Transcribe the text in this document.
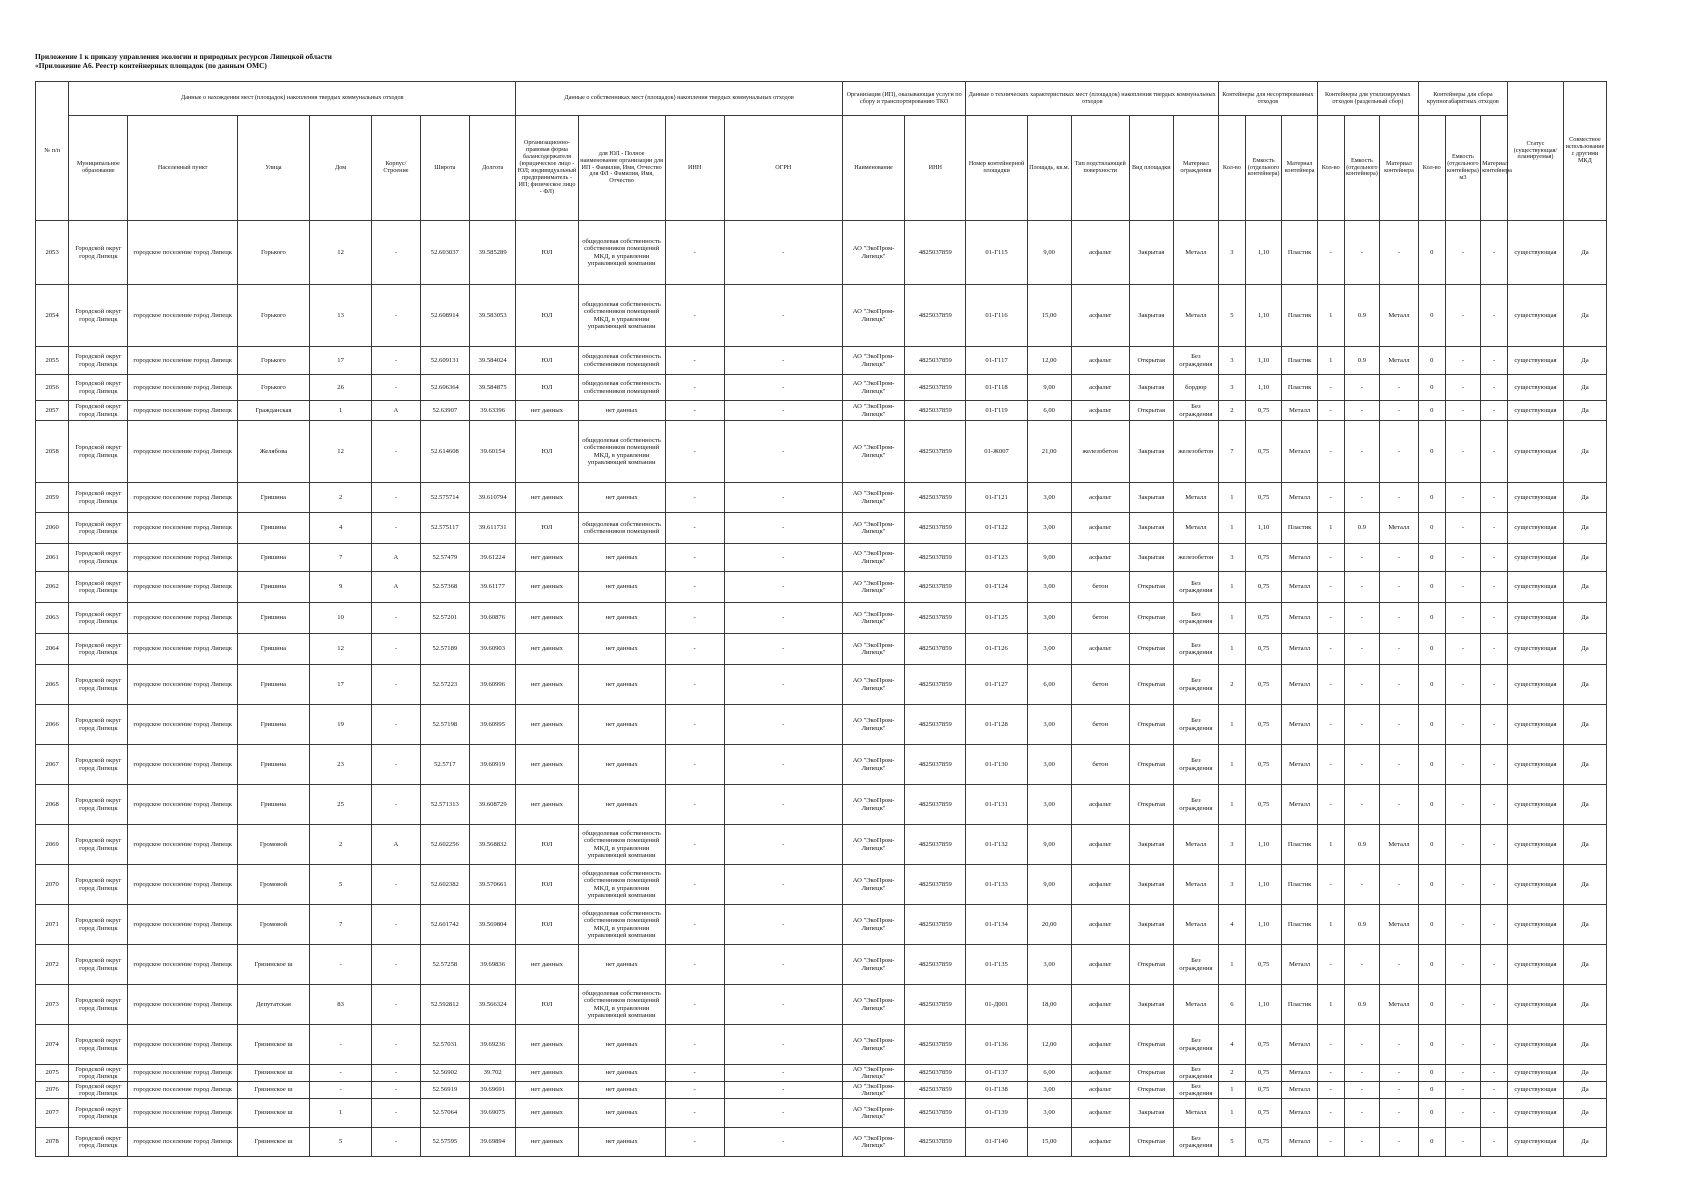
Приложение 1 к приказу управления экологии и природных ресурсов Липецкой области
«Приложение А6. Реестр контейнерных площадок (по данным ОМС)
№ п/п	Данные о нахождении мест (площадок) накопления твердых коммунальных отходов							Данные о собственниках мест (площадок) накопления твердых коммунальных отходов				Организация (ИП), оказывающая услуги по сбору и транспортированию ТКО		Данные о технических характеристиках мест (площадок) накопления твердых коммунальных отходов					Контейнеры для несортированных отходов			Контейнеры для утилизируемых отходов (раздельный сбор)			Контейнеры для сбора крупногабаритных отходов			Статус (существующая/ планируемая)	Совместное использование с другими МКД
	Муниципальное образование	Населенный пункт	Улица	Дом	Корпус/Строение	Широта	Долгота	Организационно-правовая форма балансодержателя (юридическое лицо - ЮЛ; индивидуальный предприниматель - ИП; физическое лицо - ФЛ)	для ЮЛ - Полное наименование организации для ИП - Фамилия, Имя, Отчество для ФЛ - Фамилия, Имя, Отчество	ИНН	ОГРН	Наименование	ИНН	Номер контейнерной площадки	Площадь, кв.м.	Тип подстилающей поверхности	Вид площадки	Материал ограждения	Кол-во	Емкость (отдельного контейнера)	Материал контейнера	Кол-во	Емкость (отдельного контейнера)	Материал контейнера	Кол-во	Емкость (отдельного контейнера) м3	Материал контейнера		

2053	Городской округ город Липецк	городское поселение город Липецк	Горького	12	-	52.603037	39.585289	ЮЛ	общедолевая собственность собственников помещений МКД, в управлении управляющей компании	-	-	АО "ЭкоПром-Липецк"	4825037859	01-Г115	9,00	асфальт	Закрытая	Металл	3	1,10	Пластик	-	-	-	0	-	-	существующая	Да

2054	Городской округ город Липецк	городское поселение город Липецк	Горького	13	-	52.608914	39.583053	ЮЛ	общедолевая собственность собственников помещений МКД, в управлении управляющей компании	-	-	АО "ЭкоПром-Липецк"	4825037859	01-Г116	15,00	асфальт	Закрытая	Металл	5	1,10	Пластик	1	0.9	Металл	0	-	-	существующая	Да

2055	Городской округ город Липецк	городское поселение город Липецк	Горького	17	-	52.609131	39.584024	ЮЛ	общедолевая собственность собственников помещений	-	-	АО "ЭкоПром-Липецк"	4825037859	01-Г117	12,00	асфальт	Открытая	Без ограждения	3	1,10	Пластик	1	0.9	Металл	0	-	-	существующая	Да

2056	Городской округ город Липецк	городское поселение город Липецк	Горького	26	-	52.606364	39.584875	ЮЛ	общедолевая собственность собственников помещений	-	-	АО "ЭкоПром-Липецк"	4825037859	01-Г118	9,00	асфальт	Закрытая	бордюр	3	1,10	Пластик	-	-	-	0	-	-	существующая	Да

2057	Городской округ город Липецк	городское поселение город Липецк	Гражданская	1	А	52.63907	39.63396	нет данных	нет данных	-	-	АО "ЭкоПром-Липецк"	4825037859	01-Г119	6,00	асфальт	Открытая	Без ограждения	2	0,75	Металл	-	-	-	0	-	-	существующая	Да

2058	Городской округ город Липецк	городское поселение город Липецк	Желябова	12	-	52.614608	39.60154	ЮЛ	общедолевая собственность собственников помещений МКД, в управлении управляющей компании	-	-	АО "ЭкоПром-Липецк"	4825037859	01-Ж007	21,00	железобетон	Закрытая	железобетон	7	0,75	Металл	-	-	-	0	-	-	существующая	Да

2059	Городской округ город Липецк	городское поселение город Липецк	Гришина	2	-	52.575714	39.610794	нет данных	нет данных	-	-	АО "ЭкоПром-Липецк"	4825037859	01-Г121	3,00	асфальт	Закрытая	Металл	1	0,75	Металл	-	-	-	0	-	-	существующая	Да

2060	Городской округ город Липецк	городское поселение город Липецк	Гришина	4	-	52.575117	39.611731	ЮЛ	общедолевая собственность собственников помещений	-	-	АО "ЭкоПром-Липецк"	4825037859	01-Г122	3,00	асфальт	Закрытая	Металл	1	1,10	Пластик	1	0.9	Металл	0	-	-	существующая	Да

2061	Городской округ город Липецк	городское поселение город Липецк	Гришина	7	А	52.57479	39.61224	нет данных	нет данных	-	-	АО "ЭкоПром-Липецк"	4825037859	01-Г123	9,00	асфальт	Закрытая	железобетон	3	0,75	Металл	-	-	-	0	-	-	существующая	Да

2062	Городской округ город Липецк	городское поселение город Липецк	Гришина	9	А	52.57368	39.61177	нет данных	нет данных	-	-	АО "ЭкоПром-Липецк"	4825037859	01-Г124	3,00	бетон	Открытая	Без ограждения	1	0,75	Металл	-	-	-	0	-	-	существующая	Да

2063	Городской округ город Липецк	городское поселение город Липецк	Гришина	10	-	52.57201	39.60876	нет данных	нет данных	-	-	АО "ЭкоПром-Липецк"	4825037859	01-Г125	3,00	бетон	Открытая	Без ограждения	1	0,75	Металл	-	-	-	0	-	-	существующая	Да

2064	Городской округ город Липецк	городское поселение город Липецк	Гришина	12	-	52.57189	39.60903	нет данных	нет данных	-	-	АО "ЭкоПром-Липецк"	4825037859	01-Г126	3,00	асфальт	Открытая	Без ограждения	1	0,75	Металл	-	-	-	0	-	-	существующая	Да

2065	Городской округ город Липецк	городское поселение город Липецк	Гришина	17	-	52.57223	39.60996	нет данных	нет данных	-	-	АО "ЭкоПром-Липецк"	4825037859	01-Г127	6,00	бетон	Открытая	Без ограждения	2	0,75	Металл	-	-	-	0	-	-	существующая	Да

2066	Городской округ город Липецк	городское поселение город Липецк	Гришина	19	-	52.57198	39.60995	нет данных	нет данных	-	-	АО "ЭкоПром-Липецк"	4825037859	01-Г128	3,00	бетон	Открытая	Без ограждения	1	0,75	Металл	-	-	-	0	-	-	существующая	Да

2067	Городской округ город Липецк	городское поселение город Липецк	Гришина	23	-	52.5717	39.60919	нет данных	нет данных	-	-	АО "ЭкоПром-Липецк"	4825037859	01-Г130	3,00	бетон	Открытая	Без ограждения	1	0,75	Металл	-	-	-	0	-	-	существующая	Да

2068	Городской округ город Липецк	городское поселение город Липецк	Гришина	25	-	52.571313	39.608729	нет данных	нет данных	-	-	АО "ЭкоПром-Липецк"	4825037859	01-Г131	3,00	асфальт	Открытая	Без ограждения	1	0,75	Металл	-	-	-	0	-	-	существующая	Да

2069	Городской округ город Липецк	городское поселение город Липецк	Громовой	2	А	52.602256	39.568832	ЮЛ	общедолевая собственность собственников помещений МКД, в управлении управляющей компании	-	-	АО "ЭкоПром-Липецк"	4825037859	01-Г132	9,00	асфальт	Закрытая	Металл	3	1,10	Пластик	1	0.9	Металл	0	-	-	существующая	Да

2070	Городской округ город Липецк	городское поселение город Липецк	Громовой	5	-	52.602382	39.570661	ЮЛ	общедолевая собственность собственников помещений МКД, в управлении управляющей компании	-	-	АО "ЭкоПром-Липецк"	4825037859	01-Г133	9,00	асфальт	Закрытая	Металл	3	1,10	Пластик	-	-	-	0	-	-	существующая	Да

2071	Городской округ город Липецк	городское поселение город Липецк	Громовой	7	-	52.601742	39.569804	ЮЛ	общедолевая собственность собственников помещений МКД, в управлении управляющей компании	-	-	АО "ЭкоПром-Липецк"	4825037859	01-Г134	20,00	асфальт	Закрытая	Металл	4	1,10	Пластик	1	0.9	Металл	0	-	-	существующая	Да

2072	Городской округ город Липецк	городское поселение город Липецк	Грязинское ш	-	-	52.57258	39.69836	нет данных	нет данных	-	-	АО "ЭкоПром-Липецк"	4825037859	01-Г135	3,00	асфальт	Открытая	Без ограждения	1	0,75	Металл	-	-	-	0	-	-	существующая	Да

2073	Городской округ город Липецк	городское поселение город Липецк	Депутатская	83	-	52.592812	39.566324	ЮЛ	общедолевая собственность собственников помещений МКД, в управлении управляющей компании	-	-	АО "ЭкоПром-Липецк"	4825037859	01-Д001	18,00	асфальт	Закрытая	Металл	6	1,10	Пластик	1	0.9	Металл	0	-	-	существующая	Да

2074	Городской округ город Липецк	городское поселение город Липецк	Грязинское ш	-	-	52.57031	39.69236	нет данных	нет данных	-	-	АО "ЭкоПром-Липецк"	4825037859	01-Г136	12,00	асфальт	Открытая	Без ограждения	4	0,75	Металл	-	-	-	0	-	-	существующая	Да

2075	Городской округ город Липецк	городское поселение город Липецк	Грязинское ш	-	-	52.56902	39.702	нет данных	нет данных	-	-	АО "ЭкоПром-Липецк"	4825037859	01-Г137	6,00	асфальт	Открытая	Без ограждения	2	0,75	Металл	-	-	-	0	-	-	существующая	Да

2076	Городской округ город Липецк	городское поселение город Липецк	Грязинское ш	-	-	52.56919	39.69691	нет данных	нет данных	-	-	АО "ЭкоПром-Липецк"	4825037859	01-Г138	3,00	асфальт	Открытая	Без ограждения	1	0,75	Металл	-	-	-	0	-	-	существующая	Да

2077	Городской округ город Липецк	городское поселение город Липецк	Грязинское ш	1	-	52.57064	39.69075	нет данных	нет данных	-	-	АО "ЭкоПром-Липецк"	4825037859	01-Г139	3,00	асфальт	Закрытая	Металл	1	0,75	Металл	-	-	-	0	-	-	существующая	Да

2078	Городской округ город Липецк	городское поселение город Липецк	Грязинское ш	5	-	52.57595	39.69894	нет данных	нет данных	-	-	АО "ЭкоПром-Липецк"	4825037859	01-Г140	15,00	асфальт	Открытая	Без ограждения	5	0,75	Металл	-	-	-	0	-	-	существующая	Да
